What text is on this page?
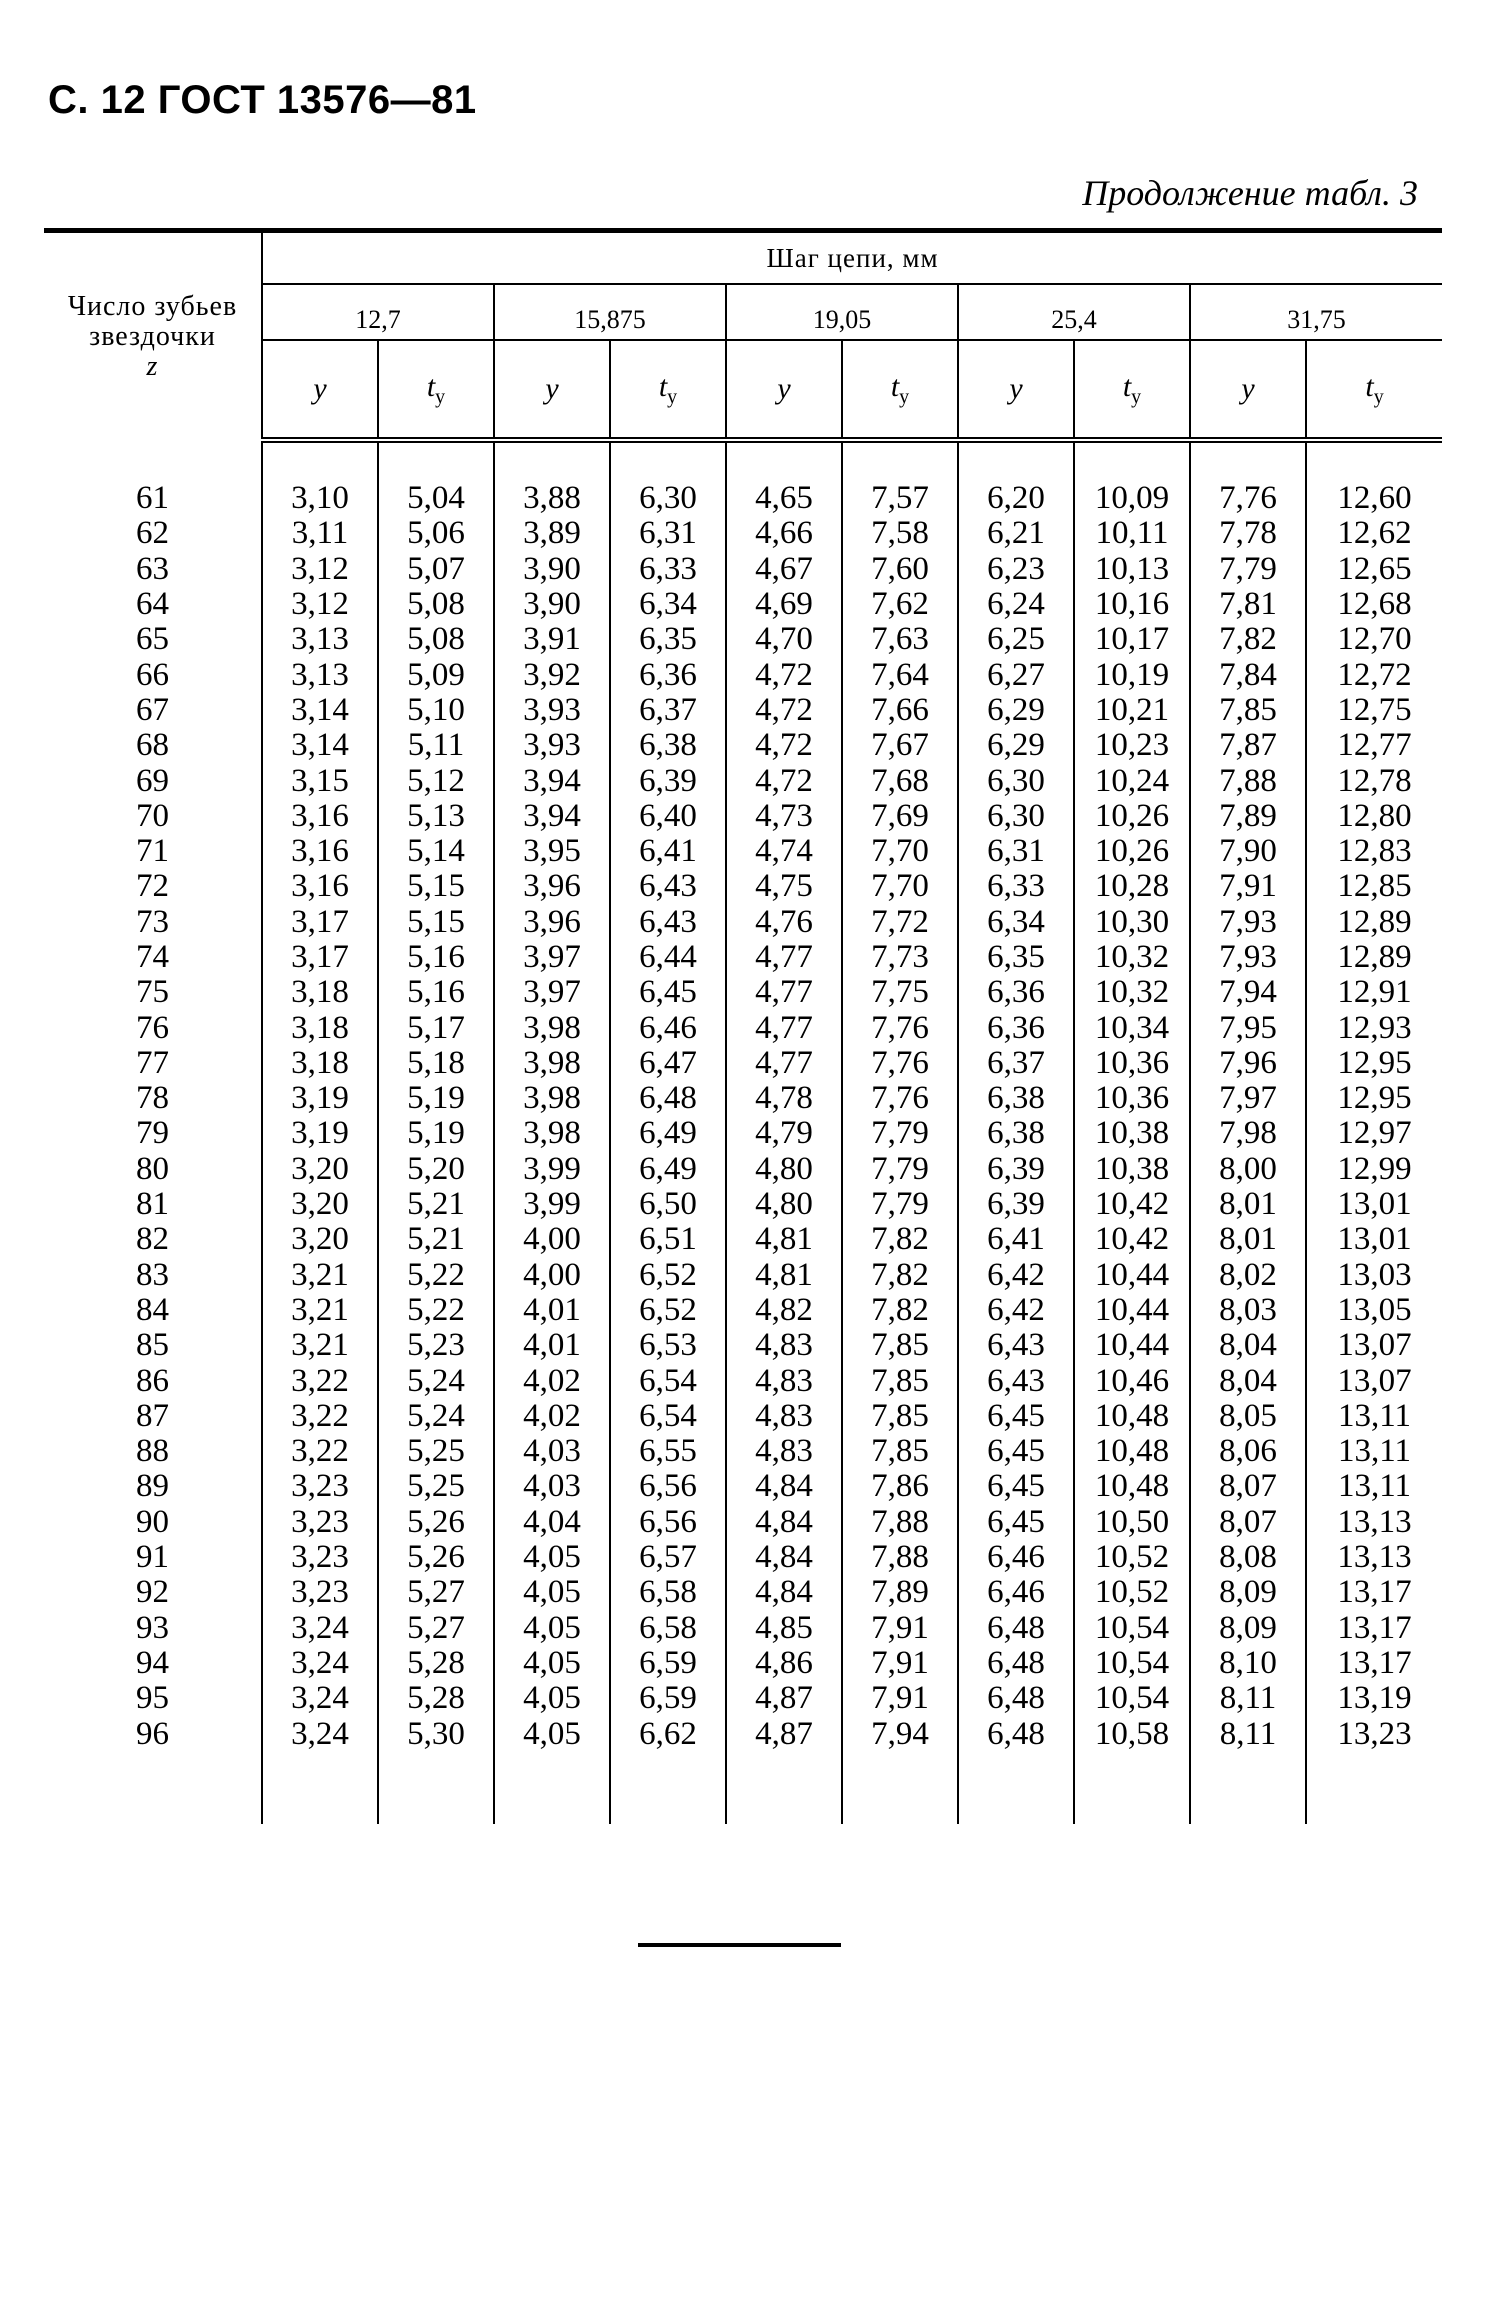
С. 12 ГОСТ 13576—81
Продолжение табл. 3
Число зубьев
звездочки
z	Шаг цепи, мм									
	12,7		15,875		19,05		25,4		31,75	
	y	$t_у$	y	$t_у$	y	$t_у$	y	$t_у$	y	$t_у$

61	3,10	5,04	3,88	6,30	4,65	7,57	6,20	10,09	7,76	12,60
62	3,11	5,06	3,89	6,31	4,66	7,58	6,21	10,11	7,78	12,62
63	3,12	5,07	3,90	6,33	4,67	7,60	6,23	10,13	7,79	12,65
64	3,12	5,08	3,90	6,34	4,69	7,62	6,24	10,16	7,81	12,68
65	3,13	5,08	3,91	6,35	4,70	7,63	6,25	10,17	7,82	12,70
66	3,13	5,09	3,92	6,36	4,72	7,64	6,27	10,19	7,84	12,72
67	3,14	5,10	3,93	6,37	4,72	7,66	6,29	10,21	7,85	12,75
68	3,14	5,11	3,93	6,38	4,72	7,67	6,29	10,23	7,87	12,77
69	3,15	5,12	3,94	6,39	4,72	7,68	6,30	10,24	7,88	12,78
70	3,16	5,13	3,94	6,40	4,73	7,69	6,30	10,26	7,89	12,80
71	3,16	5,14	3,95	6,41	4,74	7,70	6,31	10,26	7,90	12,83
72	3,16	5,15	3,96	6,43	4,75	7,70	6,33	10,28	7,91	12,85
73	3,17	5,15	3,96	6,43	4,76	7,72	6,34	10,30	7,93	12,89
74	3,17	5,16	3,97	6,44	4,77	7,73	6,35	10,32	7,93	12,89
75	3,18	5,16	3,97	6,45	4,77	7,75	6,36	10,32	7,94	12,91
76	3,18	5,17	3,98	6,46	4,77	7,76	6,36	10,34	7,95	12,93
77	3,18	5,18	3,98	6,47	4,77	7,76	6,37	10,36	7,96	12,95
78	3,19	5,19	3,98	6,48	4,78	7,76	6,38	10,36	7,97	12,95
79	3,19	5,19	3,98	6,49	4,79	7,79	6,38	10,38	7,98	12,97
80	3,20	5,20	3,99	6,49	4,80	7,79	6,39	10,38	8,00	12,99
81	3,20	5,21	3,99	6,50	4,80	7,79	6,39	10,42	8,01	13,01
82	3,20	5,21	4,00	6,51	4,81	7,82	6,41	10,42	8,01	13,01
83	3,21	5,22	4,00	6,52	4,81	7,82	6,42	10,44	8,02	13,03
84	3,21	5,22	4,01	6,52	4,82	7,82	6,42	10,44	8,03	13,05
85	3,21	5,23	4,01	6,53	4,83	7,85	6,43	10,44	8,04	13,07
86	3,22	5,24	4,02	6,54	4,83	7,85	6,43	10,46	8,04	13,07
87	3,22	5,24	4,02	6,54	4,83	7,85	6,45	10,48	8,05	13,11
88	3,22	5,25	4,03	6,55	4,83	7,85	6,45	10,48	8,06	13,11
89	3,23	5,25	4,03	6,56	4,84	7,86	6,45	10,48	8,07	13,11
90	3,23	5,26	4,04	6,56	4,84	7,88	6,45	10,50	8,07	13,13
91	3,23	5,26	4,05	6,57	4,84	7,88	6,46	10,52	8,08	13,13
92	3,23	5,27	4,05	6,58	4,84	7,89	6,46	10,52	8,09	13,17
93	3,24	5,27	4,05	6,58	4,85	7,91	6,48	10,54	8,09	13,17
94	3,24	5,28	4,05	6,59	4,86	7,91	6,48	10,54	8,10	13,17
95	3,24	5,28	4,05	6,59	4,87	7,91	6,48	10,54	8,11	13,19
96	3,24	5,30	4,05	6,62	4,87	7,94	6,48	10,58	8,11	13,23
